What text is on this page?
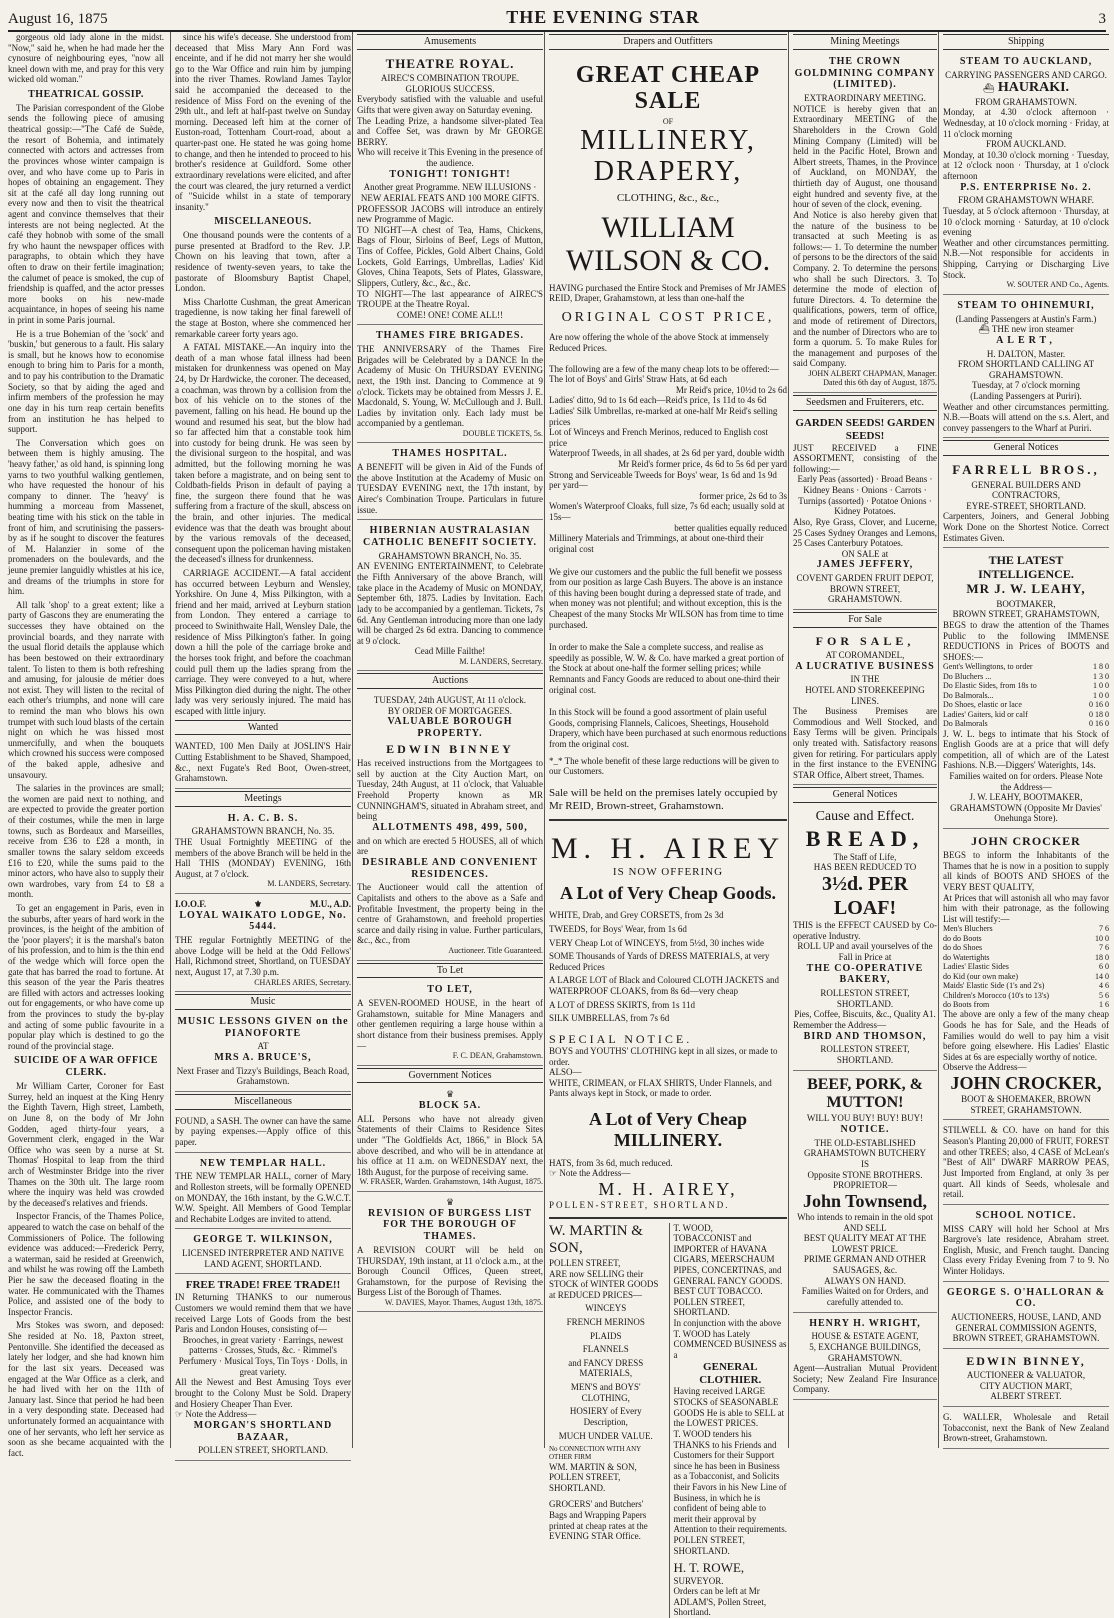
August 16, 1875	THE EVENING STAR	3

gorgeous old lady alone in the midst. "Now," said he, when he had made her the cynosure of neighbouring eyes, "now all kneel down with me, and pray for this very wicked old woman."

THEATRICAL GOSSIP.

The Parisian correspondent of the Globe sends the following piece of amusing theatrical gossip:—"The Café de Suède, the resort of Bohemia, and intimately connected with actors and actresses from the provinces whose winter campaign is over, and who have come up to Paris in hopes of obtaining an engagement. They sit at the café all day long running out every now and then to visit the theatrical agent and convince themselves that their interests are not being neglected. At the café they hobnob with some of the small fry who haunt the newspaper offices with paragraphs, to obtain which they have often to draw on their fertile imagination; the calumet of peace is smoked, the cup of friendship is quaffed, and the actor presses more books on his new-made acquaintance, in hopes of seeing his name in print in some Paris journal.

He is a true Bohemian of the 'sock' and 'buskin,' but generous to a fault. His salary is small, but he knows how to economise enough to bring him to Paris for a month, and to pay his contribution to the Dramatic Society, so that by aiding the aged and infirm members of the profession he may one day in his turn reap certain benefits from an institution he has helped to support.

The Conversation which goes on between them is highly amusing. The 'heavy father,' as old hand, is spinning long yarns to two youthful walking gentlemen, who have requested the honour of his company to dinner. The 'heavy' is humming a morceau from Massenet, beating time with his stick on the table in front of him, and scrutinising the passers-by as if he sought to discover the features of M. Halanzier in some of the promenaders on the boulevards, and the jeune premier languidly whistles at his ice, and dreams of the triumphs in store for him.

All talk 'shop' to a great extent; like a party of Gascons they are enumerating the successes they have obtained on the provincial boards, and they narrate with the usual florid details the applause which has been bestowed on their extraordinary talent. To listen to them is both refreshing and amusing, for jalousie de métier does not exist. They will listen to the recital of each other's triumphs, and none will care to remind the man who blows his own trumpet with such loud blasts of the certain night on which he was hissed most unmercifully, and when the bouquets which crowned his success were composed of the baked apple, adhesive and unsavoury.

The salaries in the provinces are small; the women are paid next to nothing, and are expected to provide the greater portion of their costumes, while the men in large towns, such as Bordeaux and Marseilles, receive from £36 to £28 a month, in smaller towns the salary seldom exceeds £16 to £20, while the sums paid to the minor actors, who have also to supply their own wardrobes, vary from £4 to £8 a month.

To get an engagement in Paris, even in the suburbs, after years of hard work in the provinces, is the height of the ambition of the 'poor players'; it is the marshal's baton of his profession, and to him is the thin end of the wedge which will force open the gate that has barred the road to fortune. At this season of the year the Paris theatres are filled with actors and actresses looking out for engagements, or who have come up from the provinces to study the by-play and acting of some public favourite in a popular play which is destined to go the round of the provincial stage.

SUICIDE OF A WAR OFFICE CLERK.

Mr William Carter, Coroner for East Surrey, held an inquest at the King Henry the Eighth Tavern, High street, Lambeth, on June 8, on the body of Mr John Godden, aged thirty-four years, a Government clerk, engaged in the War Office who was seen by a nurse at St. Thomas' Hospital to leap from the third arch of Westminster Bridge into the river Thames on the 30th ult. The large room where the inquiry was held was crowded by the deceased's relatives and friends.

Inspector Francis, of the Thames Police, appeared to watch the case on behalf of the Commissioners of Police. The following evidence was adduced:—Frederick Perry, a waterman, said he resided at Greenwich, and whilst he was rowing off the Lambeth Pier he saw the deceased floating in the water. He communicated with the Thames Police, and assisted one of the body to Inspector Francis.

Mrs Stokes was sworn, and deposed: She resided at No. 18, Paxton street, Pentonville. She identified the deceased as lately her lodger, and she had known him for the last six years. Deceased was engaged at the War Office as a clerk, and he had lived with her on the 11th of January last. Since that period he had been in a very desponding state. Deceased had unfortunately formed an acquaintance with one of her servants, who left her service as soon as she became acquainted with the fact.

since his wife's decease. She understood from deceased that Miss Mary Ann Ford was enceinte, and if he did not marry her she would go to the War Office and ruin him by jumping into the river Thames. Rowland James Taylor said he accompanied the deceased to the residence of Miss Ford on the evening of the 29th ult., and left at half-past twelve on Sunday morning. Deceased left him at the corner of Euston-road, Tottenham Court-road, about a quarter-past one. He stated he was going home to change, and then he intended to proceed to his brother's residence at Guildford. Some other extraordinary revelations were elicited, and after the court was cleared, the jury returned a verdict of "Suicide whilst in a state of temporary insanity."

MISCELLANEOUS.

One thousand pounds were the contents of a purse presented at Bradford to the Rev. J.P. Chown on his leaving that town, after a residence of twenty-seven years, to take the pastorate of Bloomsbury Baptist Chapel, London.

Miss Charlotte Cushman, the great American tragedienne, is now taking her final farewell of the stage at Boston, where she commenced her remarkable career forty years ago.

A FATAL MISTAKE.—An inquiry into the death of a man whose fatal illness had been mistaken for drunkenness was opened on May 24, by Dr Hardwicke, the coroner. The deceased, a coachman, was thrown by a collision from the box of his vehicle on to the stones of the pavement, falling on his head. He bound up the wound and resumed his seat, but the blow had so far affected him that a constable took him into custody for being drunk. He was seen by the divisional surgeon to the hospital, and was admitted, but the following morning he was taken before a magistrate, and on being sent to Coldbath-fields Prison in default of paying a fine, the surgeon there found that he was suffering from a fracture of the skull, abscess on the brain, and other injuries. The medical evidence was that the death was brought about by the various removals of the deceased, consequent upon the policeman having mistaken the deceased's illness for drunkenness.

CARRIAGE ACCIDENT.—A fatal accident has occurred between Leyburn and Wensley, Yorkshire. On June 4, Miss Pilkington, with a friend and her maid, arrived at Leyburn station from London. They entered a carriage to proceed to Swinithwaite Hall, Wensley Dale, the residence of Miss Pilkington's father. In going down a hill the pole of the carriage broke and the horses took fright, and before the coachman could pull them up the ladies sprang from the carriage. They were conveyed to a hut, where Miss Pilkington died during the night. The other lady was very seriously injured. The maid has escaped with little injury.

Wanted
WANTED, 100 Men Daily at JOSLIN'S Hair Cutting Establishment to be Shaved, Shampoed, &c., next Fugate's Red Boot, Owen-street, Grahamstown.
Meetings
H. A. C. B. S.
GRAHAMSTOWN BRANCH, No. 35.
THE Usual Fortnightly MEETING of the members of the above Branch will be held in the Hall THIS (MONDAY) EVENING, 16th August, at 7 o'clock.
M. LANDERS, Secretary.
I.O.O.F.	⚜	M.U., A.D.
LOYAL WAIKATO LODGE, No. 5444.
THE regular Fortnightly MEETING of the above Lodge will be held at the Odd Fellows' Hall, Richmond street, Shortland, on TUESDAY next, August 17, at 7.30 p.m.
CHARLES ARIES, Secretary.
Music
MUSIC LESSONS GIVEN on the PIANOFORTE
AT
MRS A. BRUCE'S,
Next Fraser and Tizzy's Buildings, Beach Road, Grahamstown.
Miscellaneous
FOUND, a SASH. The owner can have the same by paying expenses.—Apply office of this paper.
NEW TEMPLAR HALL.
THE NEW TEMPLAR HALL, corner of Mary and Rolleston streets, will be formally OPENED on MONDAY, the 16th instant, by the G.W.C.T. W.W. Speight. All Members of Good Templar and Rechabite Lodges are invited to attend.
GEORGE T. WILKINSON,
LICENSED INTERPRETER AND NATIVE LAND AGENT, SHORTLAND.
FREE TRADE! FREE TRADE!!
IN Returning THANKS to our numerous Customers we would remind them that we have received Large Lots of Goods from the best Paris and London Houses, consisting of—
Brooches, in great variety · Earrings, newest patterns · Crosses, Studs, &c. · Rimmel's Perfumery · Musical Toys, Tin Toys · Dolls, in great variety.
All the Newest and Best Amusing Toys ever brought to the Colony Must be Sold. Drapery and Hosiery Cheaper Than Ever.
☞ Note the Address—
MORGAN'S SHORTLAND BAZAAR,
POLLEN STREET, SHORTLAND.
Amusements
THEATRE ROYAL.
AIREC'S COMBINATION TROUPE.
GLORIOUS SUCCESS.
Everybody satisfied with the valuable and useful Gifts that were given away on Saturday evening.
The Leading Prize, a handsome silver-plated Tea and Coffee Set, was drawn by Mr GEORGE BERRY.
Who will receive it This Evening in the presence of the audience.
TONIGHT! TONIGHT!
Another great Programme. NEW ILLUSIONS · NEW AERIAL FEATS AND 100 MORE GIFTS.
PROFESSOR JACOBS will introduce an entirely new Programme of Magic.
TO NIGHT—A chest of Tea, Hams, Chickens, Bags of Flour, Sirloins of Beef, Legs of Mutton, Tins of Coffee, Pickles, Gold Albert Chains, Gold Lockets, Gold Earrings, Umbrellas, Ladies' Kid Gloves, China Teapots, Sets of Plates, Glassware, Slippers, Cutlery, &c., &c., &c.
TO NIGHT—The last appearance of AIREC'S TROUPE at the Theatre Royal.
COME! ONE! COME ALL!!
THAMES FIRE BRIGADES.
THE ANNIVERSARY of the Thames Fire Brigades will be Celebrated by a DANCE In the Academy of Music On THURSDAY EVENING next, the 19th inst. Dancing to Commence at 9 o'clock. Tickets may be obtained from Messrs J. E. Macdonald, S. Young, W. McCullough and J. Bull. Ladies by invitation only. Each lady must be accompanied by a gentleman.
DOUBLE TICKETS, 5s.
THAMES HOSPITAL.
A BENEFIT will be given in Aid of the Funds of the above Institution at the Academy of Music on TUESDAY EVENING next, the 17th instant, by Airec's Combination Troupe. Particulars in future issue.
HIBERNIAN AUSTRALASIAN CATHOLIC BENEFIT SOCIETY.
GRAHAMSTOWN BRANCH, No. 35.
AN EVENING ENTERTAINMENT, to Celebrate the Fifth Anniversary of the above Branch, will take place in the Academy of Music on MONDAY, September 6th, 1875. Ladies by Invitation. Each lady to be accompanied by a gentleman. Tickets, 7s 6d. Any Gentleman introducing more than one lady will be charged 2s 6d extra. Dancing to commence at 9 o'clock.
Cead Mille Failthe!
M. LANDERS, Secretary.
Auctions
TUESDAY, 24th AUGUST, At 11 o'clock.
BY ORDER OF MORTGAGEES.
VALUABLE BOROUGH PROPERTY.
EDWIN BINNEY
Has received instructions from the Mortgagees to sell by auction at the City Auction Mart, on Tuesday, 24th August, at 11 o'clock, that Valuable Freehold Property known as MR CUNNINGHAM'S, situated in Abraham street, and being
ALLOTMENTS 498, 499, 500,
and on which are erected 5 HOUSES, all of which are
DESIRABLE AND CONVENIENT RESIDENCES.
The Auctioneer would call the attention of Capitalists and others to the above as a Safe and Profitable Investment, the property being in the centre of Grahamstown, and freehold properties scarce and daily rising in value. Further particulars, &c., &c., from
Auctioneer. Title Guaranteed.
To Let
TO LET,
A SEVEN-ROOMED HOUSE, in the heart of Grahamstown, suitable for Mine Managers and other gentlemen requiring a large house within a short distance from their business premises. Apply—
F. C. DEAN, Grahamstown.
Government Notices
♛
BLOCK 5A.
ALL Persons who have not already given Statements of their Claims to Residence Sites under "The Goldfields Act, 1866," in Block 5A above described, and who will be in attendance at his office at 11 a.m. on WEDNESDAY next, the 18th August, for the purpose of receiving same.
W. FRASER, Warden. Grahamstown, 14th August, 1875.
♛
REVISION OF BURGESS LIST FOR THE BOROUGH OF THAMES.
A REVISION COURT will be held on THURSDAY, 19th instant, at 11 o'clock a.m., at the Borough Council Offices, Queen street, Grahamstown, for the purpose of Revising the Burgess List of the Borough of Thames.
W. DAVIES, Mayor. Thames, August 13th, 1875.
Drapers and Outfitters
GREAT CHEAP SALE
OF
MILLINERY, DRAPERY,
CLOTHING, &c., &c.,
WILLIAM WILSON & CO.
HAVING purchased the Entire Stock and Premises of Mr JAMES REID, Draper, Grahamstown, at less than one-half the
ORIGINAL COST PRICE,
Are now offering the whole of the above Stock at immensely Reduced Prices.
The following are a few of the many cheap lots to be offered:—
The lot of Boys' and Girls' Straw Hats, at 6d each
Mr Reid's price, 10½d to 2s 6d
Ladies' ditto, 9d to 1s 6d each—Reid's price, 1s 11d to 4s 6d
Ladies' Silk Umbrellas, re-marked at one-half Mr Reid's selling prices
Lot of Winceys and French Merinos, reduced to English cost price
Waterproof Tweeds, in all shades, at 2s 6d per yard, double width
Mr Reid's former price, 4s 6d to 5s 6d per yard
Strong and Serviceable Tweeds for Boys' wear, 1s 6d and 1s 9d per yard—
former price, 2s 6d to 3s
Women's Waterproof Cloaks, full size, 7s 6d each; usually sold at 15s—
better qualities equally reduced
Millinery Materials and Trimmings, at about one-third their original cost
We give our customers and the public the full benefit we possess from our position as large Cash Buyers. The above is an instance of this having been bought during a depressed state of trade, and when money was not plentiful; and without exception, this is the Cheapest of the many Stocks Mr WILSON has from time to time purchased.
In order to make the Sale a complete success, and realise as speedily as possible, W. W. & Co. have marked a great portion of the Stock at about one-half the former selling prices; while Remnants and Fancy Goods are reduced to about one-third their original cost.
In this Stock will be found a good assortment of plain useful Goods, comprising Flannels, Calicoes, Sheetings, Household Drapery, which have been purchased at such enormous reductions from the original cost.
*_* The whole benefit of these large reductions will be given to our Customers.
Sale will be held on the premises lately occupied by Mr REID, Brown-street, Grahamstown.
M. H. AIREY
IS NOW OFFERING
A Lot of Very Cheap Goods.
WHITE, Drab, and Grey CORSETS, from 2s 3d
TWEEDS, for Boys' Wear, from 1s 6d
VERY Cheap Lot of WINCEYS, from 5½d, 30 inches wide
SOME Thousands of Yards of DRESS MATERIALS, at very Reduced Prices
A LARGE LOT of Black and Coloured CLOTH JACKETS and WATERPROOF CLOAKS, from 8s 6d—very cheap
A LOT of DRESS SKIRTS, from 1s 11d
SILK UMBRELLAS, from 7s 6d
SPECIAL NOTICE.
BOYS and YOUTHS' CLOTHING kept in all sizes, or made to order.
ALSO—
WHITE, CRIMEAN, or FLAX SHIRTS, Under Flannels, and Pants always kept in Stock, or made to order.
A Lot of Very Cheap MILLINERY.
HATS, from 3s 6d, much reduced.
☞ Note the Address—
M. H. AIREY,
POLLEN-STREET, SHORTLAND.
W. MARTIN & SON,
POLLEN STREET,
ARE now SELLING their STOCK of WINTER GOODS at REDUCED PRICES—
WINCEYS
FRENCH MERINOS
PLAIDS
FLANNELS
and FANCY DRESS MATERIALS,
MEN'S and BOYS' CLOTHING,
HOSIERY of Every Description,
MUCH UNDER VALUE.
No CONNECTION WITH ANY OTHER FIRM
WM. MARTIN & SON, POLLEN STREET, SHORTLAND.
GROCERS' and Butchers' Bags and Wrapping Papers printed at cheap rates at the EVENING STAR Office.
T. WOOD,
TOBACCONIST and IMPORTER of HAVANA CIGARS, MEERSCHAUM PIPES, CONCERTINAS, and GENERAL FANCY GOODS. BEST CUT TOBACCO.
POLLEN STREET, SHORTLAND.
In conjunction with the above T. WOOD has Lately COMMENCED BUSINESS as a
GENERAL CLOTHIER.
Having received LARGE STOCKS of SEASONABLE GOODS He is able to SELL at the LOWEST PRICES.
T. WOOD tenders his THANKS to his Friends and Customers for their Support since he has been in Business as a Tobacconist, and Solicits their Favors in his New Line of Business, in which he is confident of being able to merit their approval by Attention to their requirements.
POLLEN STREET, SHORTLAND.
H. T. ROWE,
SURVEYOR.
Orders can be left at Mr ADLAM'S, Pollen Street, Shortland.
Mining Meetings
THE CROWN GOLDMINING COMPANY (LIMITED).
EXTRAORDINARY MEETING.
NOTICE is hereby given that an Extraordinary MEETING of the Shareholders in the Crown Gold Mining Company (Limited) will be held in the Pacific Hotel, Brown and Albert streets, Thames, in the Province of Auckland, on MONDAY, the thirtieth day of August, one thousand eight hundred and seventy five, at the hour of seven of the clock, evening.
And Notice is also hereby given that the nature of the business to be transacted at such Meeting is as follows:— 1. To determine the number of persons to be the directors of the said Company. 2. To determine the persons who shall be such Directors. 3. To determine the mode of election of future Directors. 4. To determine the qualifications, powers, term of office, and mode of retirement of Directors, and the number of Directors who are to form a quorum. 5. To make Rules for the management and purposes of the said Company.
JOHN ALBERT CHAPMAN, Manager. Dated this 6th day of August, 1875.
Seedsmen and Fruiterers, etc.
GARDEN SEEDS! GARDEN SEEDS!
JUST RECEIVED a FINE ASSORTMENT, consisting of the following:—
Early Peas (assorted) · Broad Beans · Kidney Beans · Onions · Carrots · Turnips (assorted) · Potatoe Onions · Kidney Potatoes.
Also, Rye Grass, Clover, and Lucerne, 25 Cases Sydney Oranges and Lemons, 25 Cases Canterbury Potatoes.
ON SALE at
JAMES JEFFERY,
COVENT GARDEN FRUIT DEPOT, BROWN STREET, GRAHAMSTOWN.
For Sale
FOR SALE,
AT COROMANDEL,
A LUCRATIVE BUSINESS
IN THE
HOTEL AND STOREKEEPING LINES.
The Business Premises are Commodious and Well Stocked, and Easy Terms will be given. Principals only treated with. Satisfactory reasons given for retiring. For particulars apply in the first instance to the EVENING STAR Office, Albert street, Thames.
General Notices
Cause and Effect.
BREAD,
The Staff of Life,
HAS BEEN REDUCED TO
3½d. PER LOAF!
THIS is the EFFECT CAUSED by Co-operative Industry.
ROLL UP and avail yourselves of the Fall in Price at
THE CO-OPERATIVE BAKERY,
ROLLESTON STREET, SHORTLAND.
Pies, Coffee, Biscuits, &c., Quality A1.
Remember the Address—
BIRD AND THOMSON,
ROLLESTON STREET, SHORTLAND.
BEEF, PORK, & MUTTON!
WILL YOU BUY! BUY! BUY!
NOTICE.
THE OLD-ESTABLISHED GRAHAMSTOWN BUTCHERY
IS
Opposite STONE BROTHERS.
PROPRIETOR—
John Townsend,
Who intends to remain in the old spot AND SELL
BEST QUALITY MEAT AT THE LOWEST PRICE.
PRIME GERMAN AND OTHER SAUSAGES, &c.
ALWAYS ON HAND.
Families Waited on for Orders, and carefully attended to.
HENRY H. WRIGHT,
HOUSE & ESTATE AGENT,
5, EXCHANGE BUILDINGS, GRAHAMSTOWN.
Agent—Australian Mutual Provident Society; New Zealand Fire Insurance Company.
Shipping
STEAM TO AUCKLAND,
CARRYING PASSENGERS AND CARGO.
⛴ HAURAKI.
FROM GRAHAMSTOWN.
Monday, at 4.30 o'clock afternoon · Wednesday, at 10 o'clock morning · Friday, at 11 o'clock morning
FROM AUCKLAND.
Monday, at 10.30 o'clock morning · Tuesday, at 12 o'clock noon · Thursday, at 1 o'clock afternoon
P.S. ENTERPRISE No. 2.
FROM GRAHAMSTOWN WHARF.
Tuesday, at 5 o'clock afternoon · Thursday, at 10 o'clock morning · Saturday, at 10 o'clock evening
Weather and other circumstances permitting. N.B.—Not responsible for accidents in Shipping, Carrying or Discharging Live Stock.
W. SOUTER AND Co., Agents.
STEAM TO OHINEMURI,
(Landing Passengers at Austin's Farm.)
⛴ THE new iron steamer
ALERT,
H. DALTON, Master.
FROM SHORTLAND CALLING AT GRAHAMSTOWN.
Tuesday, at 7 o'clock morning
(Landing Passengers at Puriri).
Weather and other circumstances permitting. N.B.—Boats will attend on the s.s. Alert, and convey passengers to the Wharf at Puriri.
General Notices
FARRELL BROS.,
GENERAL BUILDERS AND CONTRACTORS,
EYRE-STREET, SHORTLAND.
Carpenters, Joiners, and General Jobbing Work Done on the Shortest Notice. Correct Estimates Given.
THE LATEST INTELLIGENCE.
MR J. W. LEAHY,
BOOTMAKER,
BROWN STREET, GRAHAMSTOWN,
BEGS to draw the attention of the Thames Public to the following IMMENSE REDUCTIONS in Prices of BOOTS and SHOES:—
Gent's Wellingtons, to order	1 8 0
Do Bluchers ...	1 3 0
Do Elastic Sides, from 18s to	1 0 0
Do Balmorals...	1 0 0
Do Shoes, elastic or lace	0 16 0
Ladies' Gaiters, kid or calf	0 18 0
Do Balmorals	0 16 0
J. W. L. begs to intimate that his Stock of English Goods are at a price that will defy competition, all of which are of the Latest Fashions. N.B.—Diggers' Waterights, 14s.
Families waited on for orders. Please Note the Address—
J. W. LEAHY, BOOTMAKER, GRAHAMSTOWN (Opposite Mr Davies' Onehunga Store).
JOHN CROCKER
BEGS to inform the Inhabitants of the Thames that he is now in a position to supply all kinds of BOOTS AND SHOES of the VERY BEST QUALITY,
At Prices that will astonish all who may favor him with their patronage, as the following List will testify:—
Men's Bluchers	7 6
do do Boots	10 0
do do Shoes	7 6
do Watertights	18 0
Ladies' Elastic Sides	6 0
do Kid (our own make)	14 0
Maids' Elastic Side (1's and 2's)	4 6
Children's Morocco (10's to 13's)	5 6
do Boots from	1 6
The above are only a few of the many cheap Goods he has for Sale, and the Heads of Families would do well to pay him a visit before going elsewhere. His Ladies' Elastic Sides at 6s are especially worthy of notice.
Observe the Address—
JOHN CROCKER,
BOOT & SHOEMAKER, BROWN STREET, GRAHAMSTOWN.
STILWELL & CO. have on hand for this Season's Planting 20,000 of FRUIT, FOREST and other TREES; also, 4 CASE of McLean's "Best of All" DWARF MARROW PEAS, Just Imported from England, at only 3s per quart. All kinds of Seeds, wholesale and retail.
SCHOOL NOTICE.
MISS CARY will hold her School at Mrs Bargrove's late residence, Abraham street. English, Music, and French taught. Dancing Class every Friday Evening from 7 to 9. No Winter Holidays.
GEORGE S. O'HALLORAN & CO.
AUCTIONEERS, HOUSE, LAND, AND GENERAL COMMISSION AGENTS,
BROWN STREET, GRAHAMSTOWN.
EDWIN BINNEY,
AUCTIONEER & VALUATOR,
CITY AUCTION MART,
ALBERT STREET.
G. WALLER, Wholesale and Retail Tobacconist, next the Bank of New Zealand Brown-street, Grahamstown.
